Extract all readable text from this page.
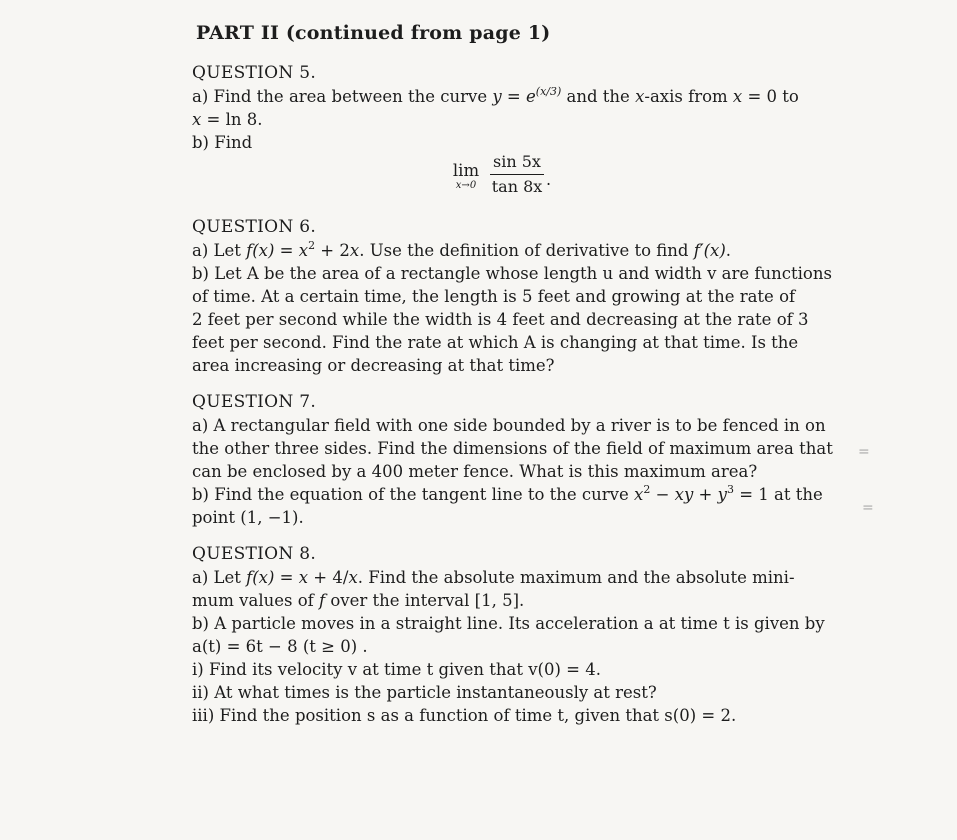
PART II (continued from page 1)
QUESTION 5.
a) Find the area between the curve $y = e^{(x/3)}$ and the x-axis from x = 0 to
x = ln 8.
b) Find
lim
x→0
sin 5x
tan 8x .
QUESTION 6.
a) Let $f(x) = x^2 + 2x$. Use the definition of derivative to find f′(x).
b) Let A be the area of a rectangle whose length u and width v are functions
of time. At a certain time, the length is 5 feet and growing at the rate of
2 feet per second while the width is 4 feet and decreasing at the rate of 3
feet per second. Find the rate at which A is changing at that time. Is the
area increasing or decreasing at that time?
QUESTION 7.
a) A rectangular field with one side bounded by a river is to be fenced in on
the other three sides. Find the dimensions of the field of maximum area that
can be enclosed by a 400 meter fence. What is this maximum area?
b) Find the equation of the tangent line to the curve $x^2$ − xy + $y^3 = 1$ at the
point (1, −1).
QUESTION 8.
a) Let f(x) = x + 4/x. Find the absolute maximum and the absolute mini-
mum values of f over the interval [1, 5].
b) A particle moves in a straight line. Its acceleration a at time t is given by
a(t) = 6t − 8 (t ≥ 0) .
i) Find its velocity v at time t given that v(0) = 4.
ii) At what times is the particle instantaneously at rest?
iii) Find the position s as a function of time t, given that s(0) = 2.
=
=
